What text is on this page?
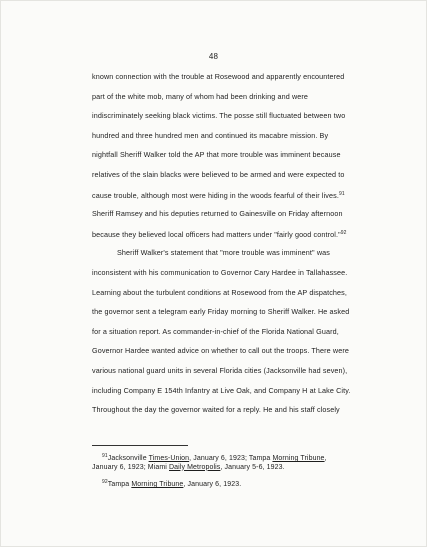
48
known connection with the trouble at Rosewood and apparently encountered
part of the white mob, many of whom had been drinking and were
indiscriminately seeking black victims. The posse still fluctuated between two
hundred and three hundred men and continued its macabre mission. By
nightfall Sheriff Walker told the AP that more trouble was imminent because
relatives of the slain blacks were believed to be armed and were expected to
cause trouble, although most were hiding in the woods fearful of their lives.$^{91}$
Sheriff Ramsey and his deputies returned to Gainesville on Friday afternoon
because they believed local officers had matters under "fairly good control."$^{92}$
Sheriff Walker's statement that "more trouble was imminent" was
inconsistent with his communication to Governor Cary Hardee in Tallahassee.
Learning about the turbulent conditions at Rosewood from the AP dispatches,
the governor sent a telegram early Friday morning to Sheriff Walker. He asked
for a situation report. As commander-in-chief of the Florida National Guard,
Governor Hardee wanted advice on whether to call out the troops. There were
various national guard units in several Florida cities (Jacksonville had seven),
including Company E 154th Infantry at Live Oak, and Company H at Lake City.
Throughout the day the governor waited for a reply. He and his staff closely
$^{91}$Jacksonville Times-Union, January 6, 1923; Tampa Morning Tribune,
January 6, 1923; Miami Daily Metropolis, January 5-6, 1923.
$^{92}$Tampa Morning Tribune, January 6, 1923.
